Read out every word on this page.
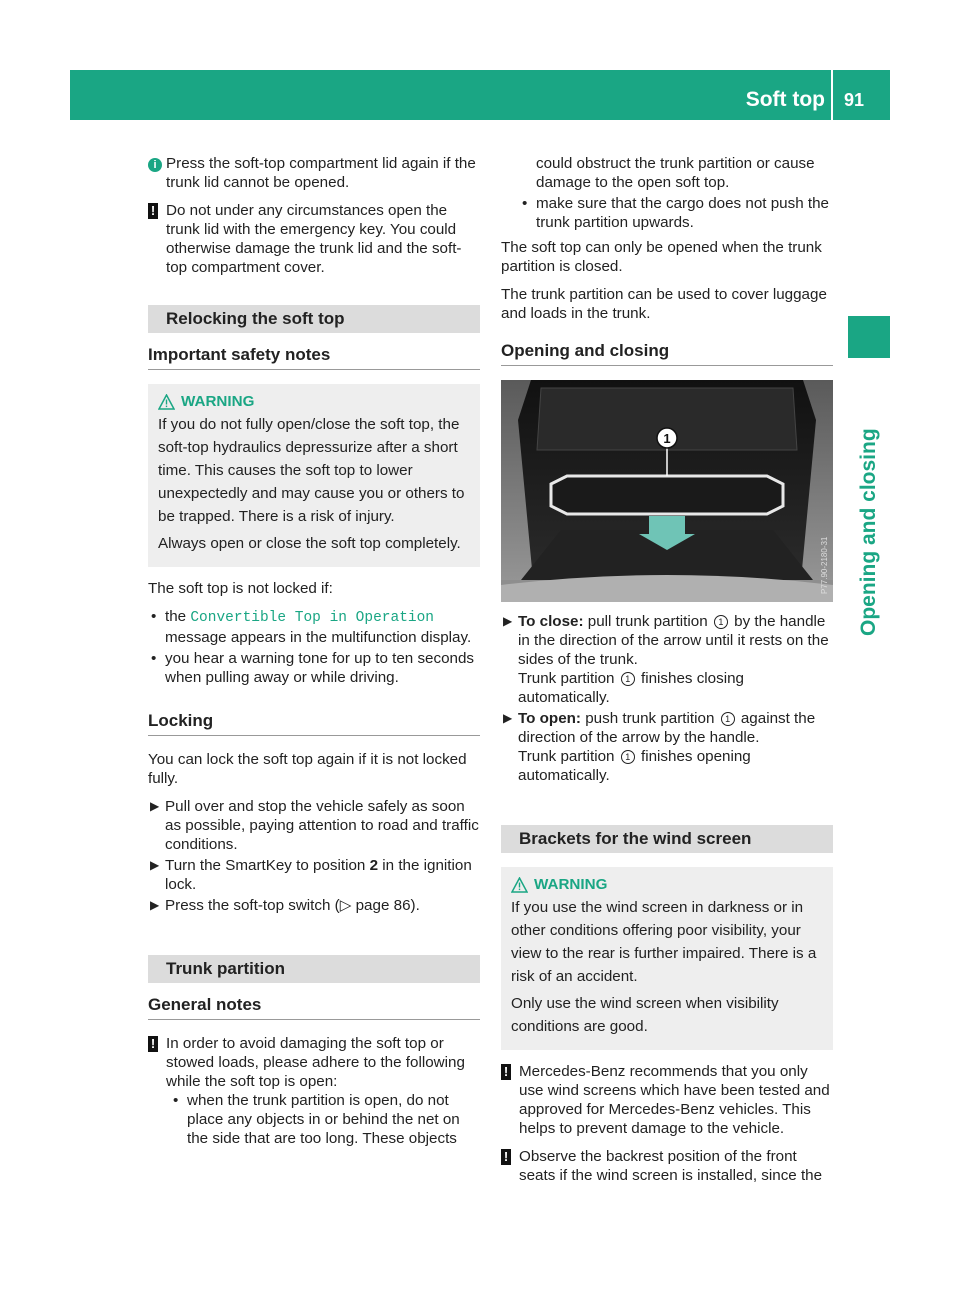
Soft top 91
Opening and closing
i Press the soft-top compartment lid again if the trunk lid cannot be opened.
! Do not under any circumstances open the trunk lid with the emergency key. You could otherwise damage the trunk lid and the soft-top compartment cover.
Relocking the soft top
Important safety notes
WARNING

If you do not fully open/close the soft top, the soft-top hydraulics depressurize after a short time. This causes the soft top to lower unexpectedly and may cause you or others to be trapped. There is a risk of injury.

Always open or close the soft top completely.

The soft top is not locked if:

• the Convertible Top in Operation message appears in the multifunction display.
• you hear a warning tone for up to ten seconds when pulling away or while driving.
Locking

You can lock the soft top again if it is not locked fully.

▶ Pull over and stop the vehicle safely as soon as possible, paying attention to road and traffic conditions.
▶ Turn the SmartKey to position 2 in the ignition lock.
▶ Press the soft-top switch (▷ page 86).
Trunk partition
General notes
! In order to avoid damaging the soft top or stowed loads, please adhere to the following while the soft top is open:
• when the trunk partition is open, do not place any objects in or behind the net on the side that are too long. These objects
could obstruct the trunk partition or cause damage to the open soft top.
• make sure that the cargo does not push the trunk partition upwards.

The soft top can only be opened when the trunk partition is closed.

The trunk partition can be used to cover luggage and loads in the trunk.

Opening and closing
1
P77.90-2180-31
▶ To close: pull trunk partition 1 by the handle in the direction of the arrow until it rests on the sides of the trunk.
Trunk partition 1 finishes closing automatically.
▶ To open: push trunk partition 1 against the direction of the arrow by the handle.
Trunk partition 1 finishes opening automatically.
Brackets for the wind screen
WARNING

If you use the wind screen in darkness or in other conditions offering poor visibility, your view to the rear is further impaired. There is a risk of an accident.

Only use the wind screen when visibility conditions are good.

! Mercedes-Benz recommends that you only use wind screens which have been tested and approved for Mercedes-Benz vehicles. This helps to prevent damage to the vehicle.
! Observe the backrest position of the front seats if the wind screen is installed, since the
